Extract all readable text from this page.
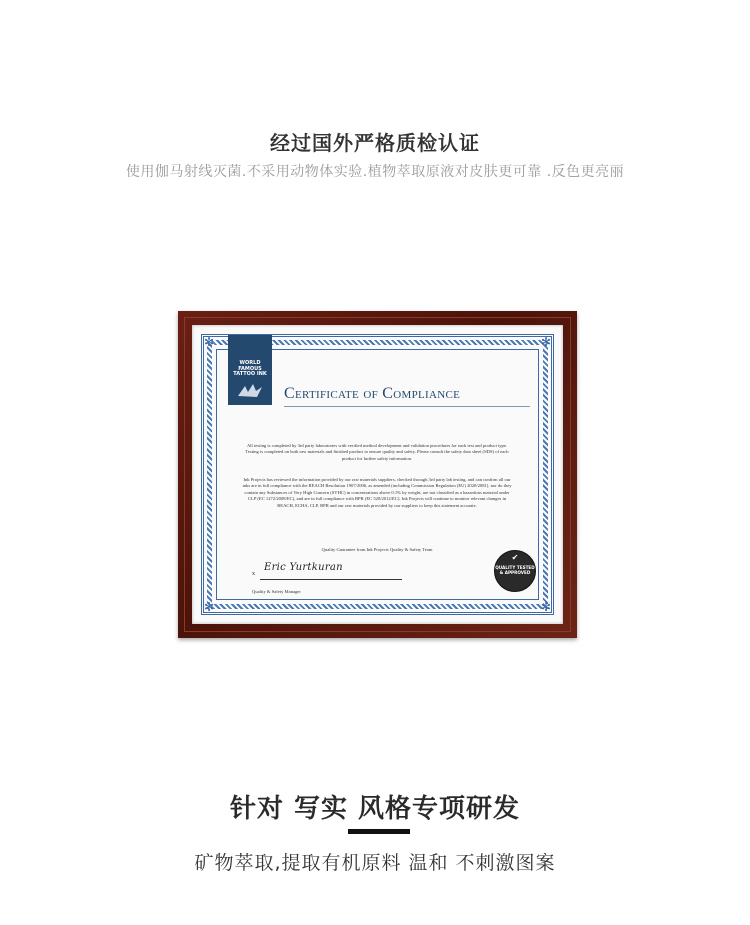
经过国外严格质检认证
使用伽马射线灭菌.不采用动物体实验.植物萃取原液对皮肤更可靠 .反色更亮丽
✻	✻
✻	✻
WORLD FAMOUS TATTOO INK
Certificate of Compliance
All testing is completed by 3rd party laboratories with verified method development and validation procedures for each test and product type. Testing is completed on both raw materials and finished product to ensure quality and safety. Please consult the safety data sheet (SDS) of each product for further safety information.
Ink Projects has reviewed the information provided by our raw materials suppliers, checked through 3rd party lab testing, and can confirm all our inks are in full compliance with the REACH Resolution 1907/2006, as amended (including Commission Regulation (EU) 2020/2081), nor do they contain any Substances of Very High Concern (SVHC) in concentrations above 0.1% by weight, are not classified as a hazardous material under CLP (EC 1272/2008/EC), and are in full compliance with BPR (EC 528/2012/EC). Ink Projects will continue to monitor relevant changes in REACH, ECHA, CLP, BPR and our raw materials provided by our suppliers to keep this statement accurate.
Quality Guarantee from Ink Projects Quality & Safety Team
x
Eric Yurtkuran
Quality & Safety Manager
✔
QUALITY TESTED & APPROVED
针对 写实 风格专项研发
矿物萃取,提取有机原料 温和 不刺激图案
